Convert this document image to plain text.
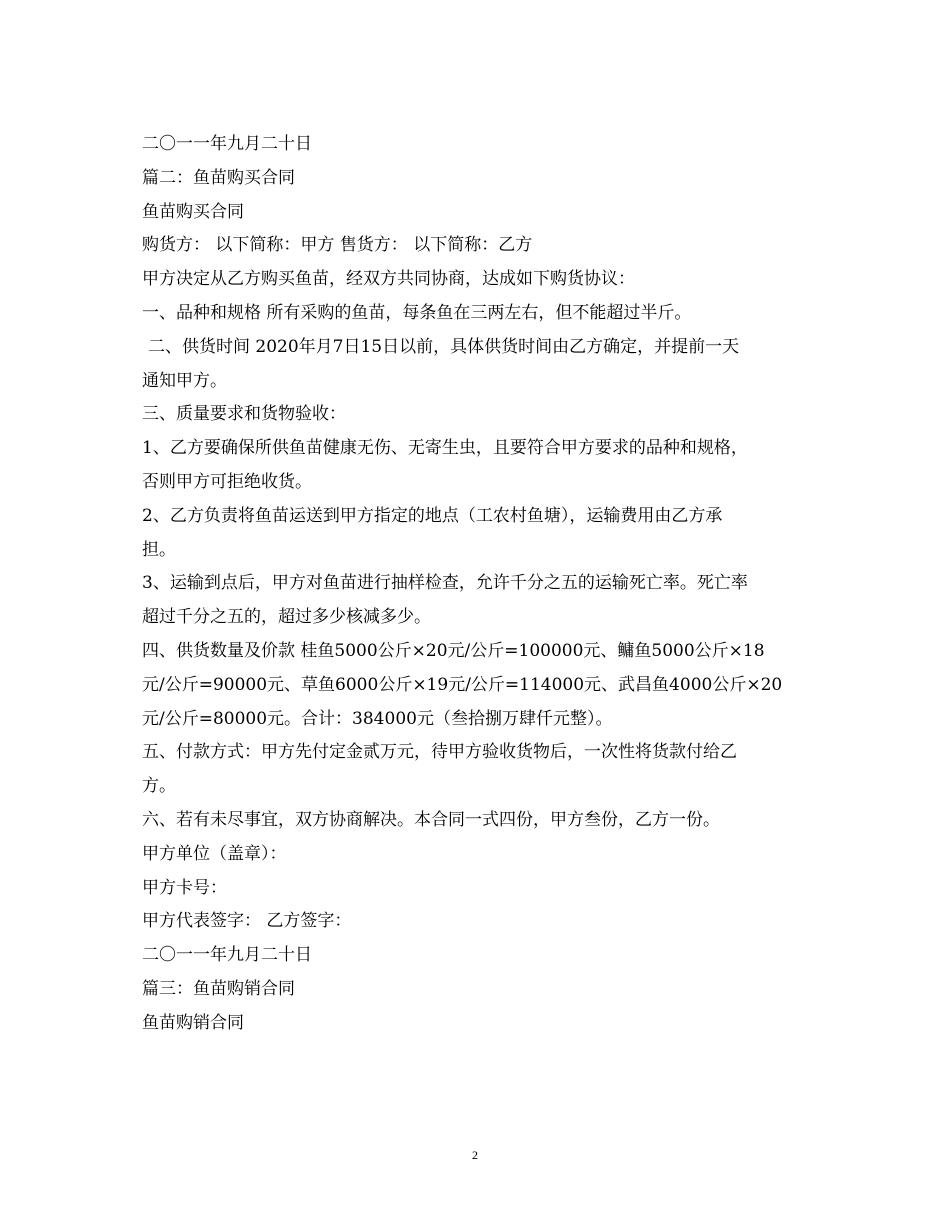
二〇一一年九月二十日

篇二：鱼苗购买合同

鱼苗购买合同

购货方： 以下简称：甲方 售货方： 以下简称：乙方

甲方决定从乙方购买鱼苗，经双方共同协商，达成如下购货协议：

一、品种和规格 所有采购的鱼苗，每条鱼在三两左右，但不能超过半斤。

二、供货时间 2020年月7日15日以前，具体供货时间由乙方确定，并提前一天

通知甲方。

三、质量要求和货物验收：

1、乙方要确保所供鱼苗健康无伤、无寄生虫，且要符合甲方要求的品种和规格，

否则甲方可拒绝收货。

2、乙方负责将鱼苗运送到甲方指定的地点（工农村鱼塘），运输费用由乙方承

担。

3、运输到点后，甲方对鱼苗进行抽样检查，允许千分之五的运输死亡率。死亡率

超过千分之五的，超过多少核减多少。

四、供货数量及价款 桂鱼5000公斤×20元/公斤=100000元、鳙鱼5000公斤×18

元/公斤=90000元、草鱼6000公斤×19元/公斤=114000元、武昌鱼4000公斤×20

元/公斤=80000元。合计：384000元（叁拾捌万肆仟元整）。

五、付款方式：甲方先付定金贰万元，待甲方验收货物后，一次性将货款付给乙

方。

六、若有未尽事宜，双方协商解决。本合同一式四份，甲方叁份，乙方一份。

甲方单位（盖章）：

甲方卡号：

甲方代表签字： 乙方签字：

二〇一一年九月二十日

篇三：鱼苗购销合同

鱼苗购销合同

2
